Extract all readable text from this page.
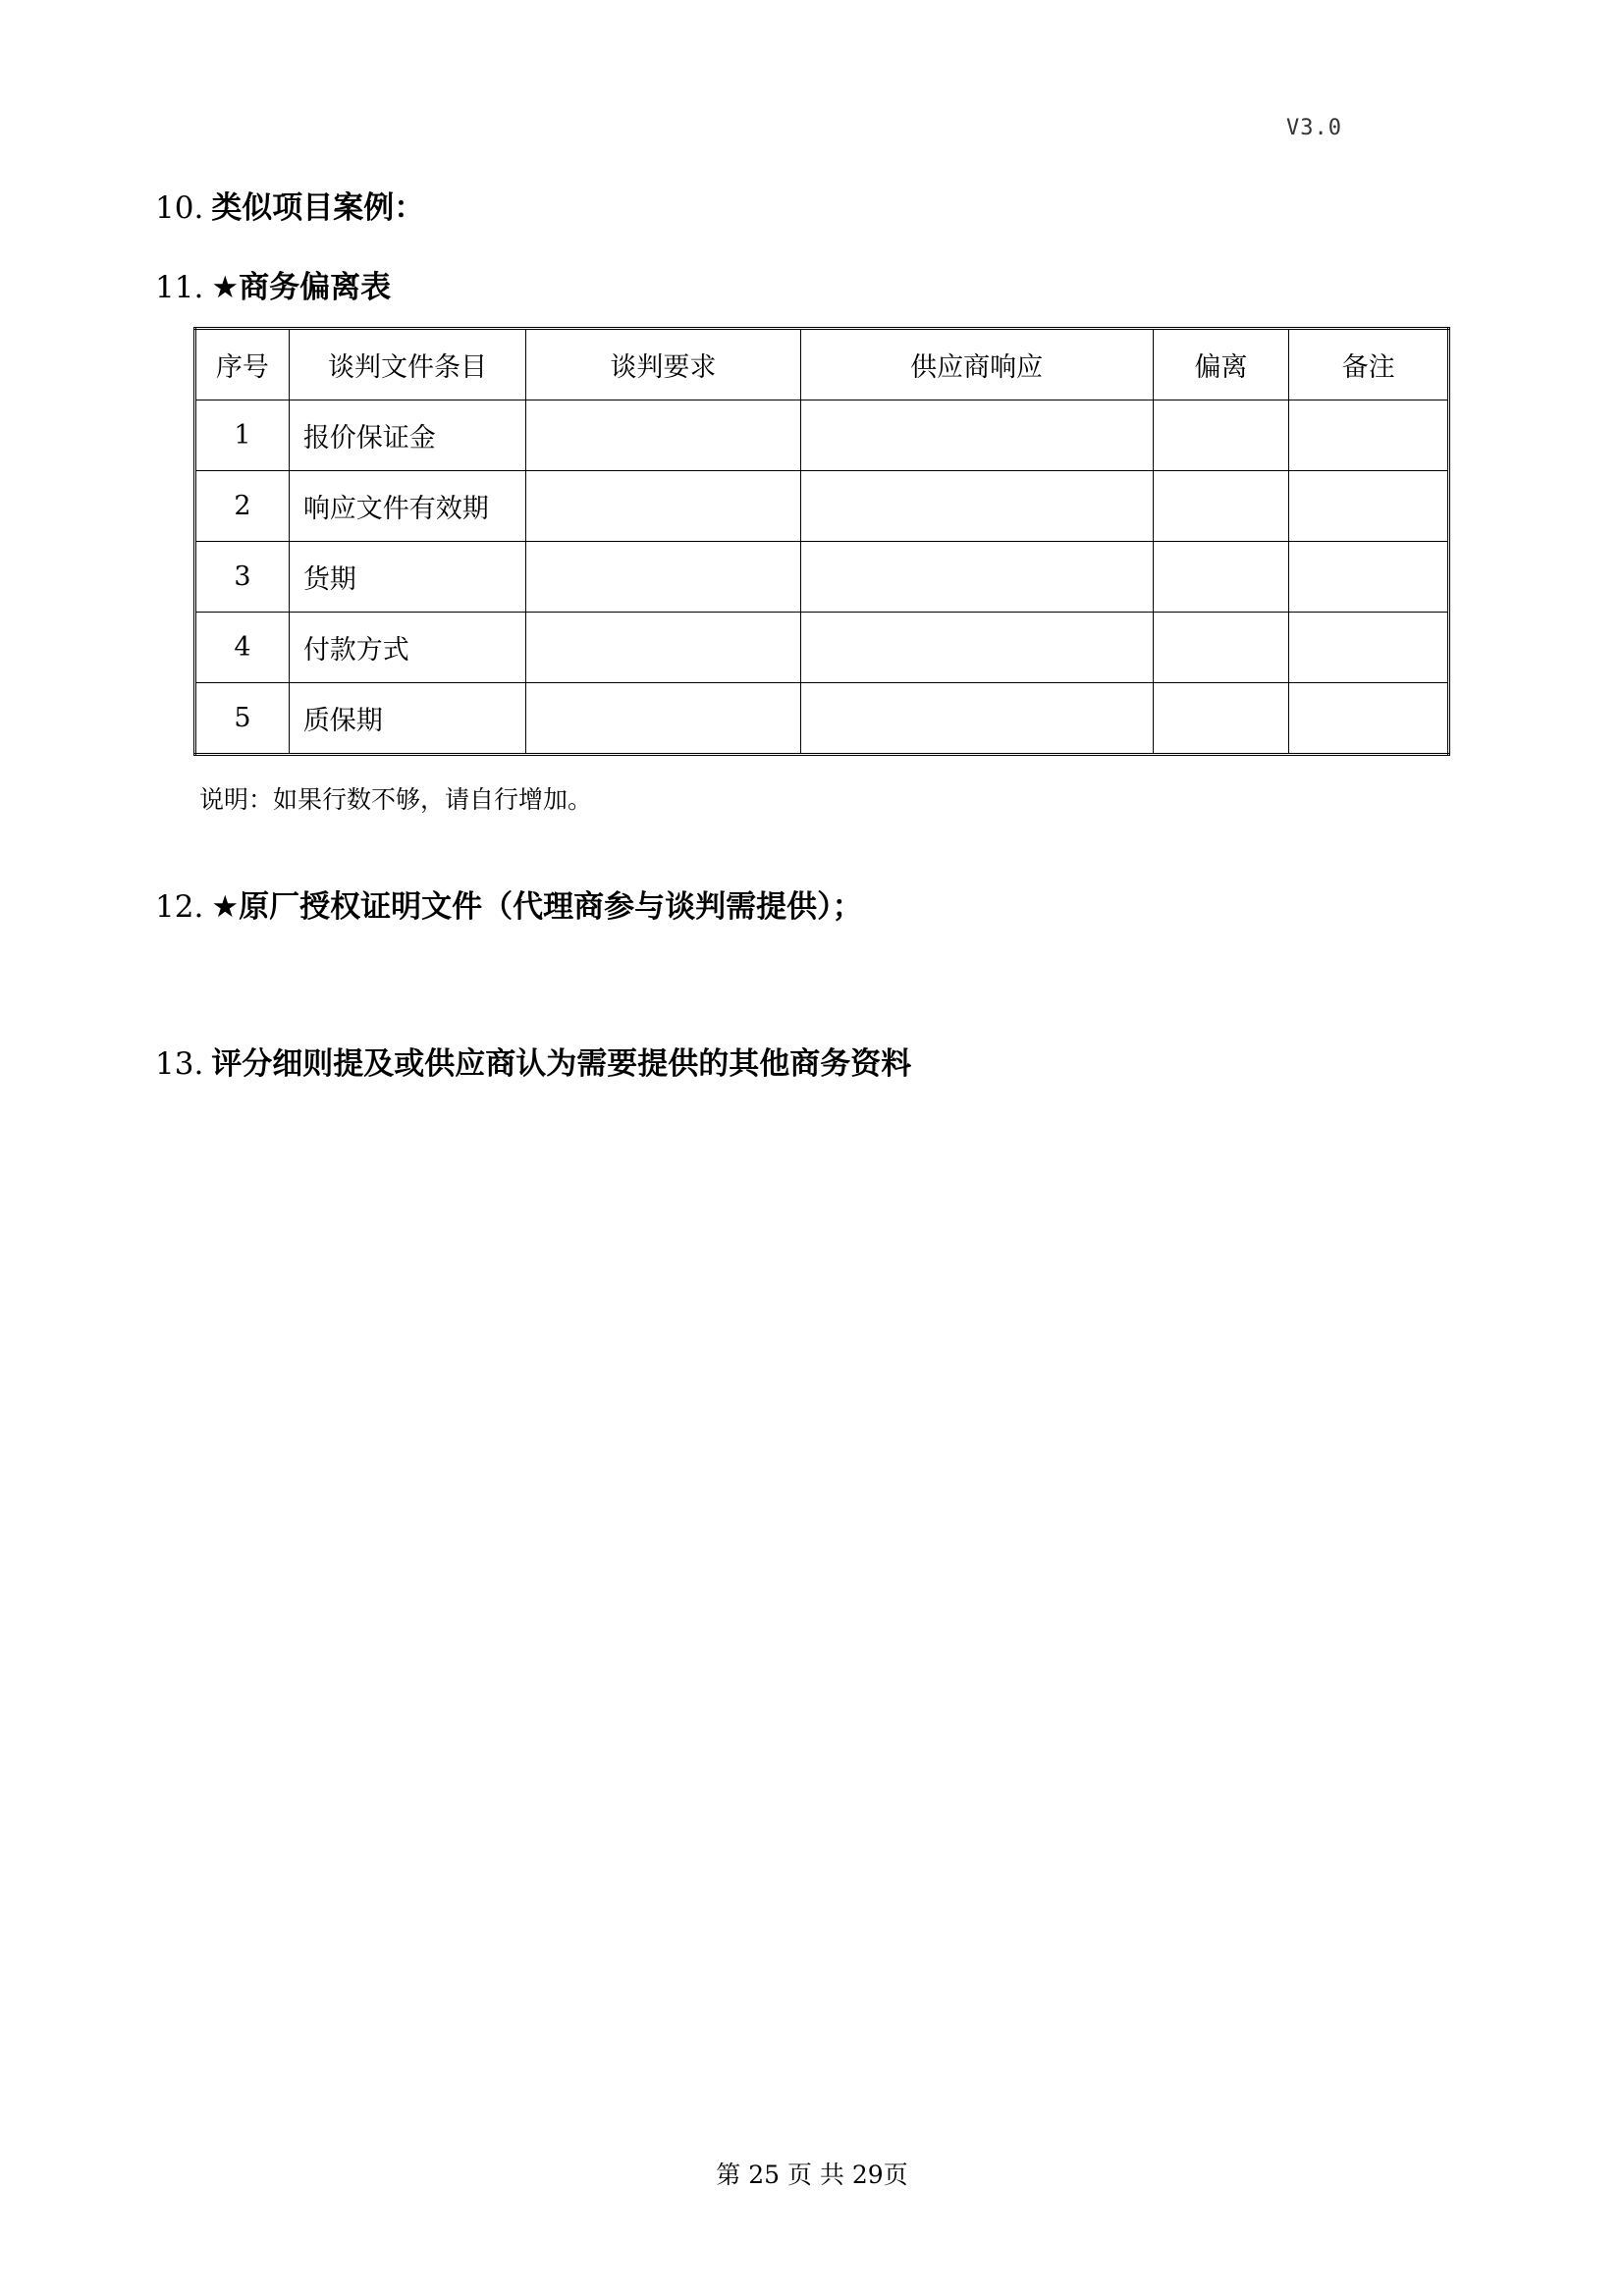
V3.0
10. 类似项目案例：
11. ★商务偏离表
序号	谈判文件条目	谈判要求	供应商响应	偏离	备注
1	报价保证金				
2	响应文件有效期				
3	货期				
4	付款方式				
5	质保期				
说明：如果行数不够，请自行增加。
12. ★原厂授权证明文件（代理商参与谈判需提供）；
13. 评分细则提及或供应商认为需要提供的其他商务资料
第 25 页 共 29页
